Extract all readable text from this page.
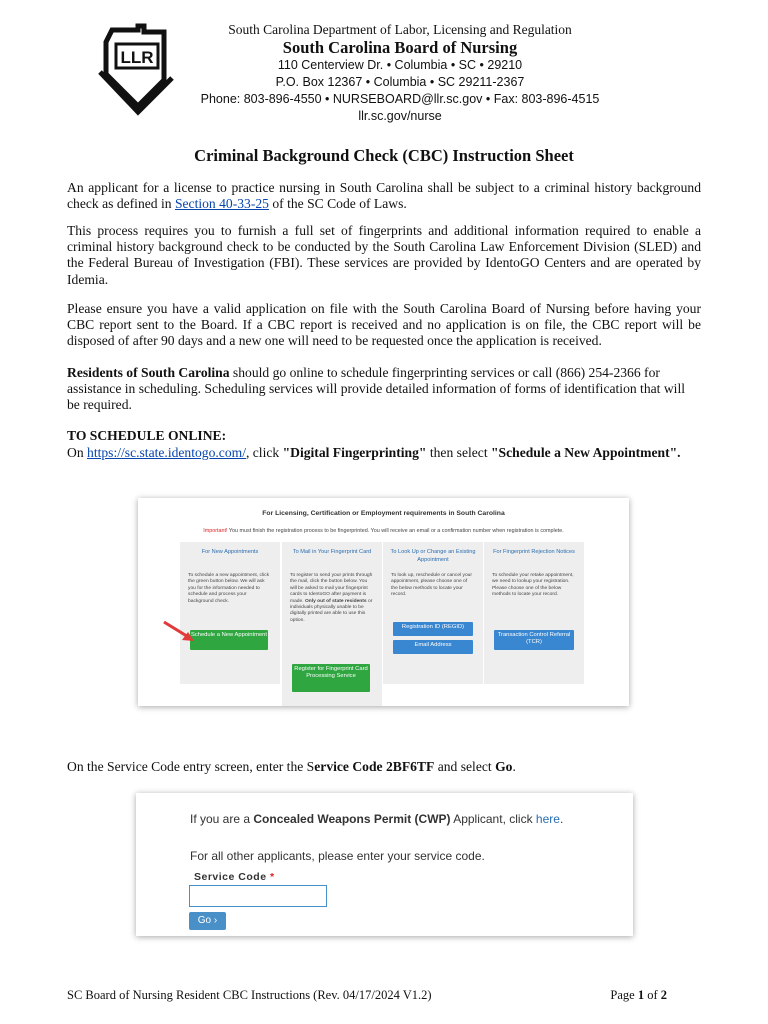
LLR
South Carolina Department of Labor, Licensing and Regulation
South Carolina Board of Nursing
110 Centerview Dr. • Columbia • SC • 29210
P.O. Box 12367 • Columbia • SC 29211-2367
Phone: 803-896-4550 • NURSEBOARD@llr.sc.gov • Fax: 803-896-4515
llr.sc.gov/nurse
Criminal Background Check (CBC) Instruction Sheet
An applicant for a license to practice nursing in South Carolina shall be subject to a criminal history background check as defined in Section 40-33-25 of the SC Code of Laws.
This process requires you to furnish a full set of fingerprints and additional information required to enable a criminal history background check to be conducted by the South Carolina Law Enforcement Division (SLED) and the Federal Bureau of Investigation (FBI). These services are provided by IdentoGO Centers and are operated by Idemia.
Please ensure you have a valid application on file with the South Carolina Board of Nursing before having your CBC report sent to the Board. If a CBC report is received and no application is on file, the CBC report will be disposed of after 90 days and a new one will need to be requested once the application is received.
Residents of South Carolina should go online to schedule fingerprinting services or call (866) 254-2366 for assistance in scheduling. Scheduling services will provide detailed information of forms of identification that will be required.
TO SCHEDULE ONLINE:
On https://sc.state.identogo.com/, click "Digital Fingerprinting" then select "Schedule a New Appointment".
For Licensing, Certification or Employment requirements in South Carolina
Important! You must finish the registration process to be fingerprinted. You will receive an email or a confirmation number when registration is complete.
For New Appointments
To schedule a new appointment, click the green button below. We will ask you for the information needed to schedule and process your background check.
Schedule a New Appointment
To Mail in Your Fingerprint Card
To register to send your prints through the mail, click the button below. You will be asked to mail your fingerprint cards to IdentoGO after payment is made. Only out of state residents or individuals physically unable to be digitally printed are able to use this option.
Register for Fingerprint Card Processing Service
To Look Up or Change an Existing Appointment
To look up, reschedule or cancel your appointment, please choose one of the below methods to locate your record.
Registration ID (REGID)
Email Address
For Fingerprint Rejection Notices
To schedule your retake appointment, we need to lookup your registration. Please choose one of the below methods to locate your record.
Transaction Control Referral (TCR)
On the Service Code entry screen, enter the Service Code 2BF6TF and select Go.
If you are a Concealed Weapons Permit (CWP) Applicant, click here.
For all other applicants, please enter your service code.
Service Code *
Go ›
SC Board of Nursing Resident CBC Instructions (Rev. 04/17/2024 V1.2)	Page 1 of 2
